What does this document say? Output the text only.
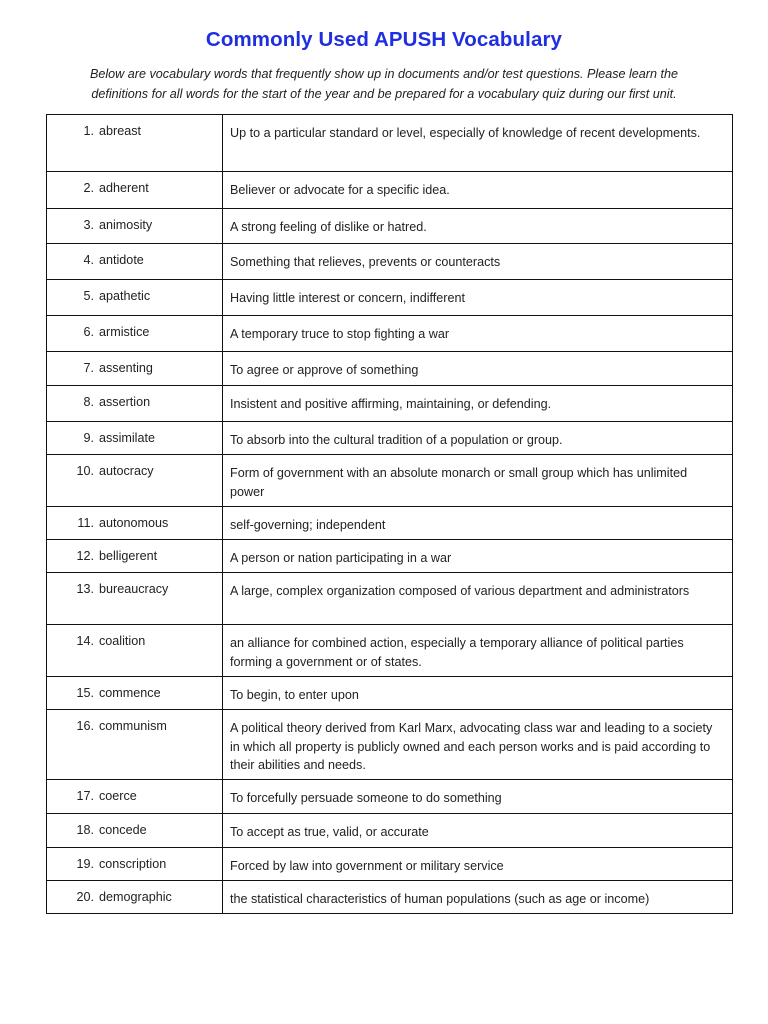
Commonly Used APUSH Vocabulary
Below are vocabulary words that frequently show up in documents and/or test questions. Please learn the
definitions for all words for the start of the year and be prepared for a vocabulary quiz during our first unit.
1. abreast	Up to a particular standard or level, especially of knowledge of recent developments.

2. adherent	Believer or advocate for a specific idea.

3. animosity	A strong feeling of dislike or hatred.

4. antidote	Something that relieves, prevents or counteracts

5. apathetic	Having little interest or concern, indifferent

6. armistice	A temporary truce to stop fighting a war

7. assenting	To agree or approve of something

8. assertion	Insistent and positive affirming, maintaining, or defending.

9. assimilate	To absorb into the cultural tradition of a population or group.

10. autocracy	Form of government with an absolute monarch or small group which has unlimited power

11. autonomous	self-governing; independent

12. belligerent	A person or nation participating in a war

13. bureaucracy	A large, complex organization composed of various department and administrators

14. coalition	an alliance for combined action, especially a temporary alliance of political parties forming a government or of states.

15. commence	To begin, to enter upon

16. communism	A political theory derived from Karl Marx, advocating class war and leading to a society in which all property is publicly owned and each person works and is paid according to their abilities and needs.

17. coerce	To forcefully persuade someone to do something

18. concede	To accept as true, valid, or accurate

19. conscription	Forced by law into government or military service

20. demographic	the statistical characteristics of human populations (such as age or income)
